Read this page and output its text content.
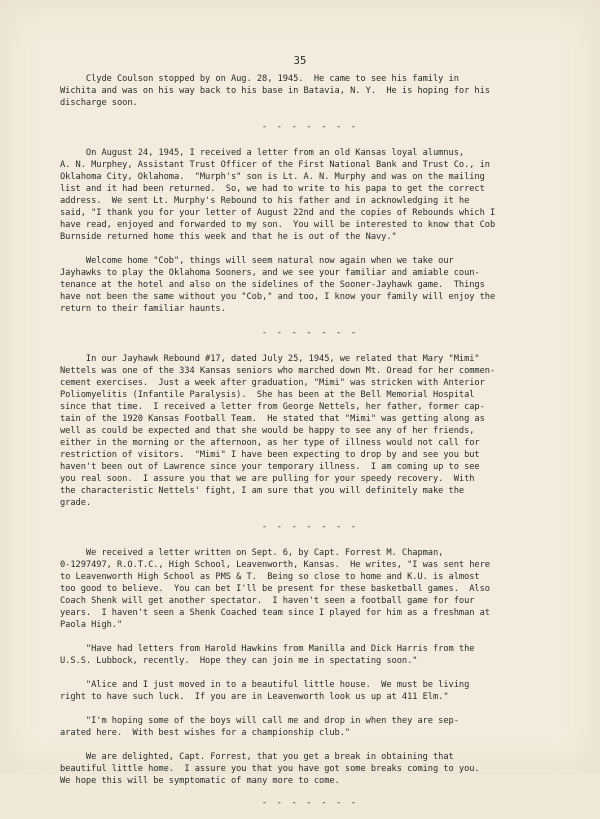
35
Clyde Coulson stopped by on Aug. 28, 1945.  He came to see his family in
Wichita and was on his way back to his base in Batavia, N. Y.  He is hoping for his
discharge soon.
- - - - - - -
On August 24, 1945, I received a letter from an old Kansas loyal alumnus,
A. N. Murphey, Assistant Trust Officer of the First National Bank and Trust Co., in
Oklahoma City, Oklahoma.  "Murph's" son is Lt. A. N. Murphy and was on the mailing
list and it had been returned.  So, we had to write to his papa to get the correct
address.  We sent Lt. Murphy's Rebound to his father and in acknowledging it he
said, "I thank you for your letter of August 22nd and the copies of Rebounds which I
have read, enjoyed and forwarded to my son.  You will be interested to know that Cob
Burnside returned home this week and that he is out of the Navy."
Welcome home "Cob", things will seem natural now again when we take our
Jayhawks to play the Oklahoma Sooners, and we see your familiar and amiable coun-
tenance at the hotel and also on the sidelines of the Sooner-Jayhawk game.  Things
have not been the same without you "Cob," and too, I know your family will enjoy the
return to their familiar haunts.
- - - - - - -
In our Jayhawk Rebound #17, dated July 25, 1945, we related that Mary "Mimi"
Nettels was one of the 334 Kansas seniors who marched down Mt. Oread for her commen-
cement exercises.  Just a week after graduation, "Mimi" was stricken with Anterior
Poliomyelitis (Infantile Paralysis).  She has been at the Bell Memorial Hospital
since that time.  I received a letter from George Nettels, her father, former cap-
tain of the 1920 Kansas Football Team.  He stated that "Mimi" was getting along as
well as could be expected and that she would be happy to see any of her friends,
either in the morning or the afternoon, as her type of illness would not call for
restriction of visitors.  "Mimi" I have been expecting to drop by and see you but
haven't been out of Lawrence since your temporary illness.  I am coming up to see
you real soon.  I assure you that we are pulling for your speedy recovery.  With
the characteristic Nettels' fight, I am sure that you will definitely make the
grade.
- - - - - - -
We received a letter written on Sept. 6, by Capt. Forrest M. Chapman,
0-1297497, R.O.T.C., High School, Leavenworth, Kansas.  He writes, "I was sent here
to Leavenworth High School as PMS & T.  Being so close to home and K.U. is almost
too good to believe.  You can bet I'll be present for these basketball games.  Also
Coach Shenk will get another spectator.  I haven't seen a football game for four
years.  I haven't seen a Shenk Coached team since I played for him as a freshman at
Paola High."
"Have had letters from Harold Hawkins from Manilla and Dick Harris from the
U.S.S. Lubbock, recently.  Hope they can join me in spectating soon."
"Alice and I just moved in to a beautiful little house.  We must be living
right to have such luck.  If you are in Leavenworth look us up at 411 Elm."
"I'm hoping some of the boys will call me and drop in when they are sep-
arated here.  With best wishes for a championship club."
We are delighted, Capt. Forrest, that you get a break in obtaining that
beautiful little home.  I assure you that you have got some breaks coming to you.
We hope this will be symptomatic of many more to come.
- - - - - - -
